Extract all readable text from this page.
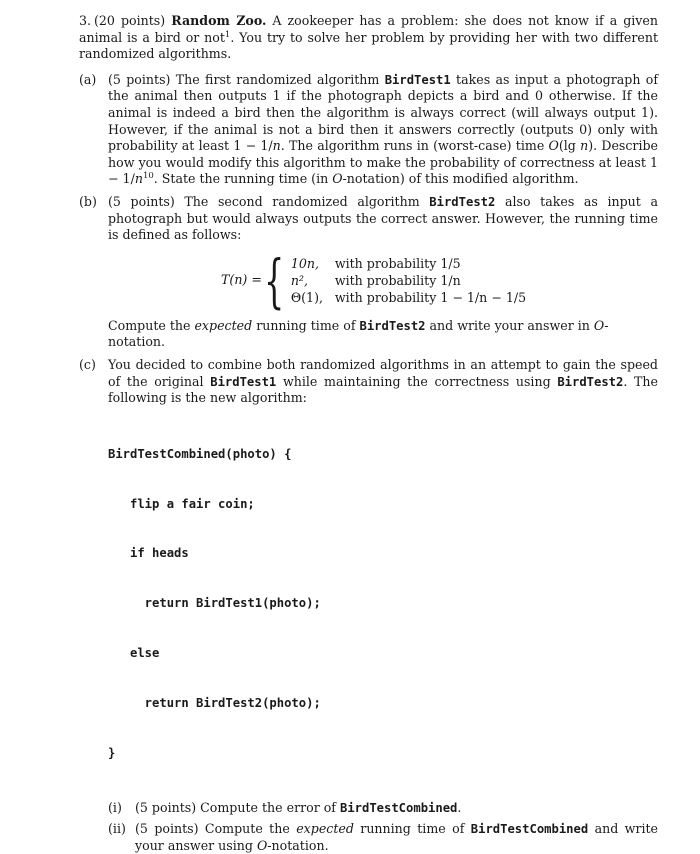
3. (20 points) Random Zoo. A zookeeper has a problem: she does not know if a given animal is a bird or not$^1$. You try to solve her problem by providing her with two different randomized algorithms.

(a) (5 points) The first randomized algorithm BirdTest1 takes as input a photograph of the animal then outputs 1 if the photograph depicts a bird and 0 otherwise. If the animal is indeed a bird then the algorithm is always correct (will always output 1). However, if the animal is not a bird then it answers correctly (outputs 0) only with probability at least 1 − 1/n. The algorithm runs in (worst-case) time O(lg n). Describe how you would modify this algorithm to make the probability of correctness at least $1 - 1/n^{10}$. State the running time (in O-notation) of this modified algorithm.

(b) (5 points) The second randomized algorithm BirdTest2 also takes as input a photograph but would always outputs the correct answer. However, the running time is defined as follows:

T(n) = { 10n,	with probability 1/5
n²,	with probability 1/n
Θ(1), with probability 1 − 1/n − 1/5

Compute the expected running time of BirdTest2 and write your answer in O-notation.

(c) You decided to combine both randomized algorithms in an attempt to gain the speed of the original BirdTest1 while maintaining the correctness using BirdTest2. The following is the new algorithm:

BirdTestCombined(photo) {

flip a fair coin;

if heads

return BirdTest1(photo);

else

return BirdTest2(photo);

}

(i) (5 points) Compute the error of BirdTestCombined.

(ii) (5 points) Compute the expected running time of BirdTestCombined and write your answer using O-notation.
